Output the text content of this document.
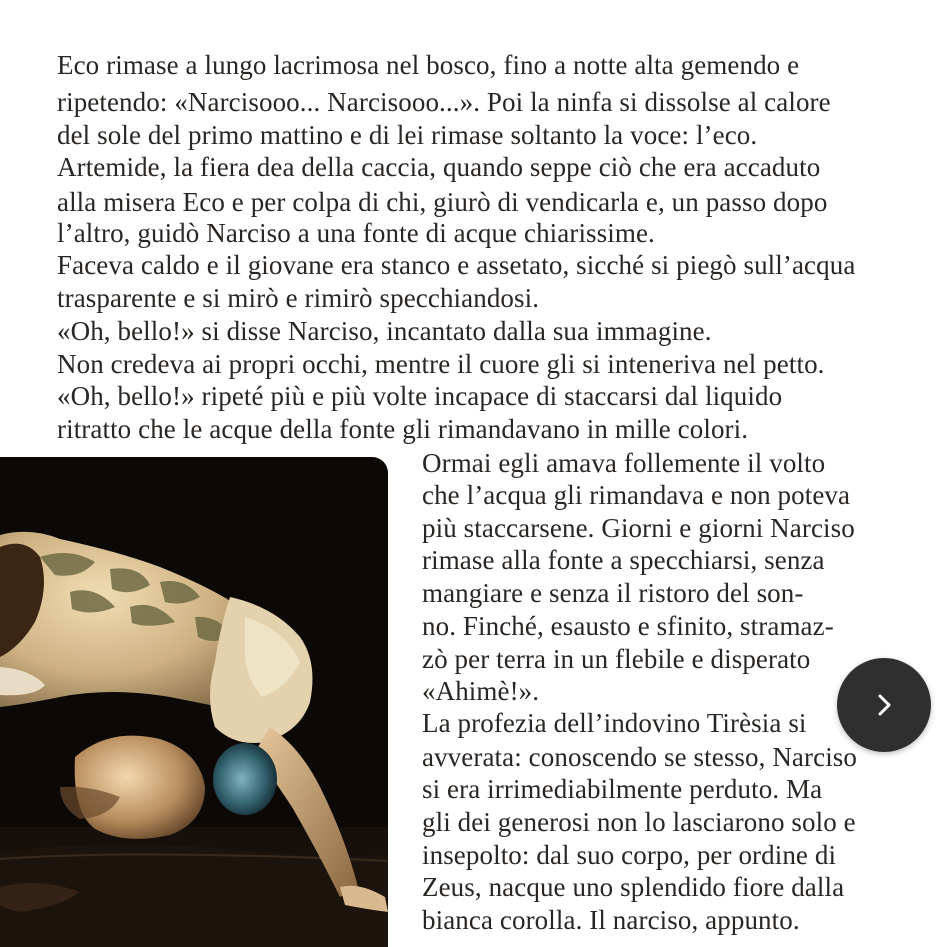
Eco rimase a lungo lacrimosa nel bosco, fino a notte alta gemendo e
ripetendo: «Narcisooo... Narcisooo...». Poi la ninfa si dissolse al calore
del sole del primo mattino e di lei rimase soltanto la voce: l’eco.
Artemide, la fiera dea della caccia, quando seppe ciò che era accaduto
alla misera Eco e per colpa di chi, giurò di vendicarla e, un passo dopo
l’altro, guidò Narciso a una fonte di acque chiarissime.
Faceva caldo e il giovane era stanco e assetato, sicché si piegò sull’acqua
trasparente e si mirò e rimirò specchiandosi.
«Oh, bello!» si disse Narciso, incantato dalla sua immagine.
Non credeva ai propri occhi, mentre il cuore gli si inteneriva nel petto.
«Oh, bello!» ripeté più e più volte incapace di staccarsi dal liquido
ritratto che le acque della fonte gli rimandavano in mille colori.
Ormai egli amava follemente il volto
che l’acqua gli rimandava e non poteva
più staccarsene. Giorni e giorni Narciso
rimase alla fonte a specchiarsi, senza
mangiare e senza il ristoro del son-
no. Finché, esausto e sfinito, stramaz-
zò per terra in un flebile e disperato
«Ahimè!».
La profezia dell’indovino Tirèsia si
avverata: conoscendo se stesso, Narciso
si era irrimediabilmente perduto. Ma
gli dei generosi non lo lasciarono solo e
insepolto: dal suo corpo, per ordine di
Zeus, nacque uno splendido fiore dalla
bianca corolla. Il narciso, appunto.
